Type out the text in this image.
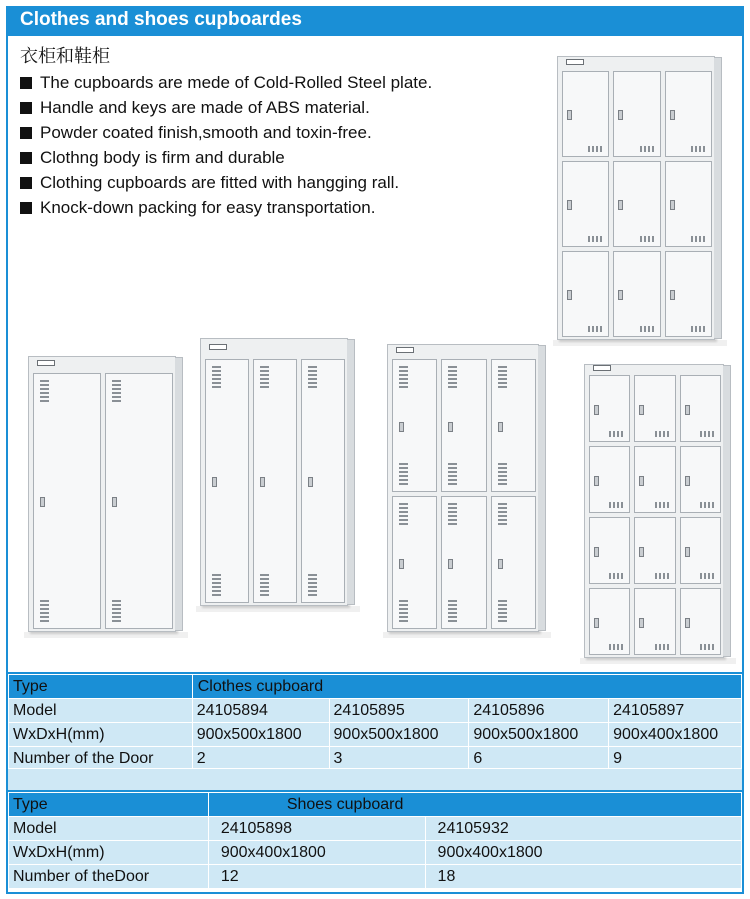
Clothes and shoes cupboardes
衣柜和鞋柜
The cupboards are mede of Cold-Rolled Steel plate.
Handle and keys are made of ABS material.
Powder coated finish,smooth and toxin-free.
Clothng body is firm and durable
Clothing cupboards are fitted with hangging rall.
Knock-down packing for easy transportation.
Type	Clothes cupboard			
Model	24105894	24105895	24105896	24105897
WxDxH(mm)	900x500x1800	900x500x1800	900x500x1800	900x400x1800
Number of the Door	2	3	6	9
Type	Shoes cupboard	
Model	24105898	24105932
WxDxH(mm)	900x400x1800	900x400x1800
Number of theDoor	12	18
